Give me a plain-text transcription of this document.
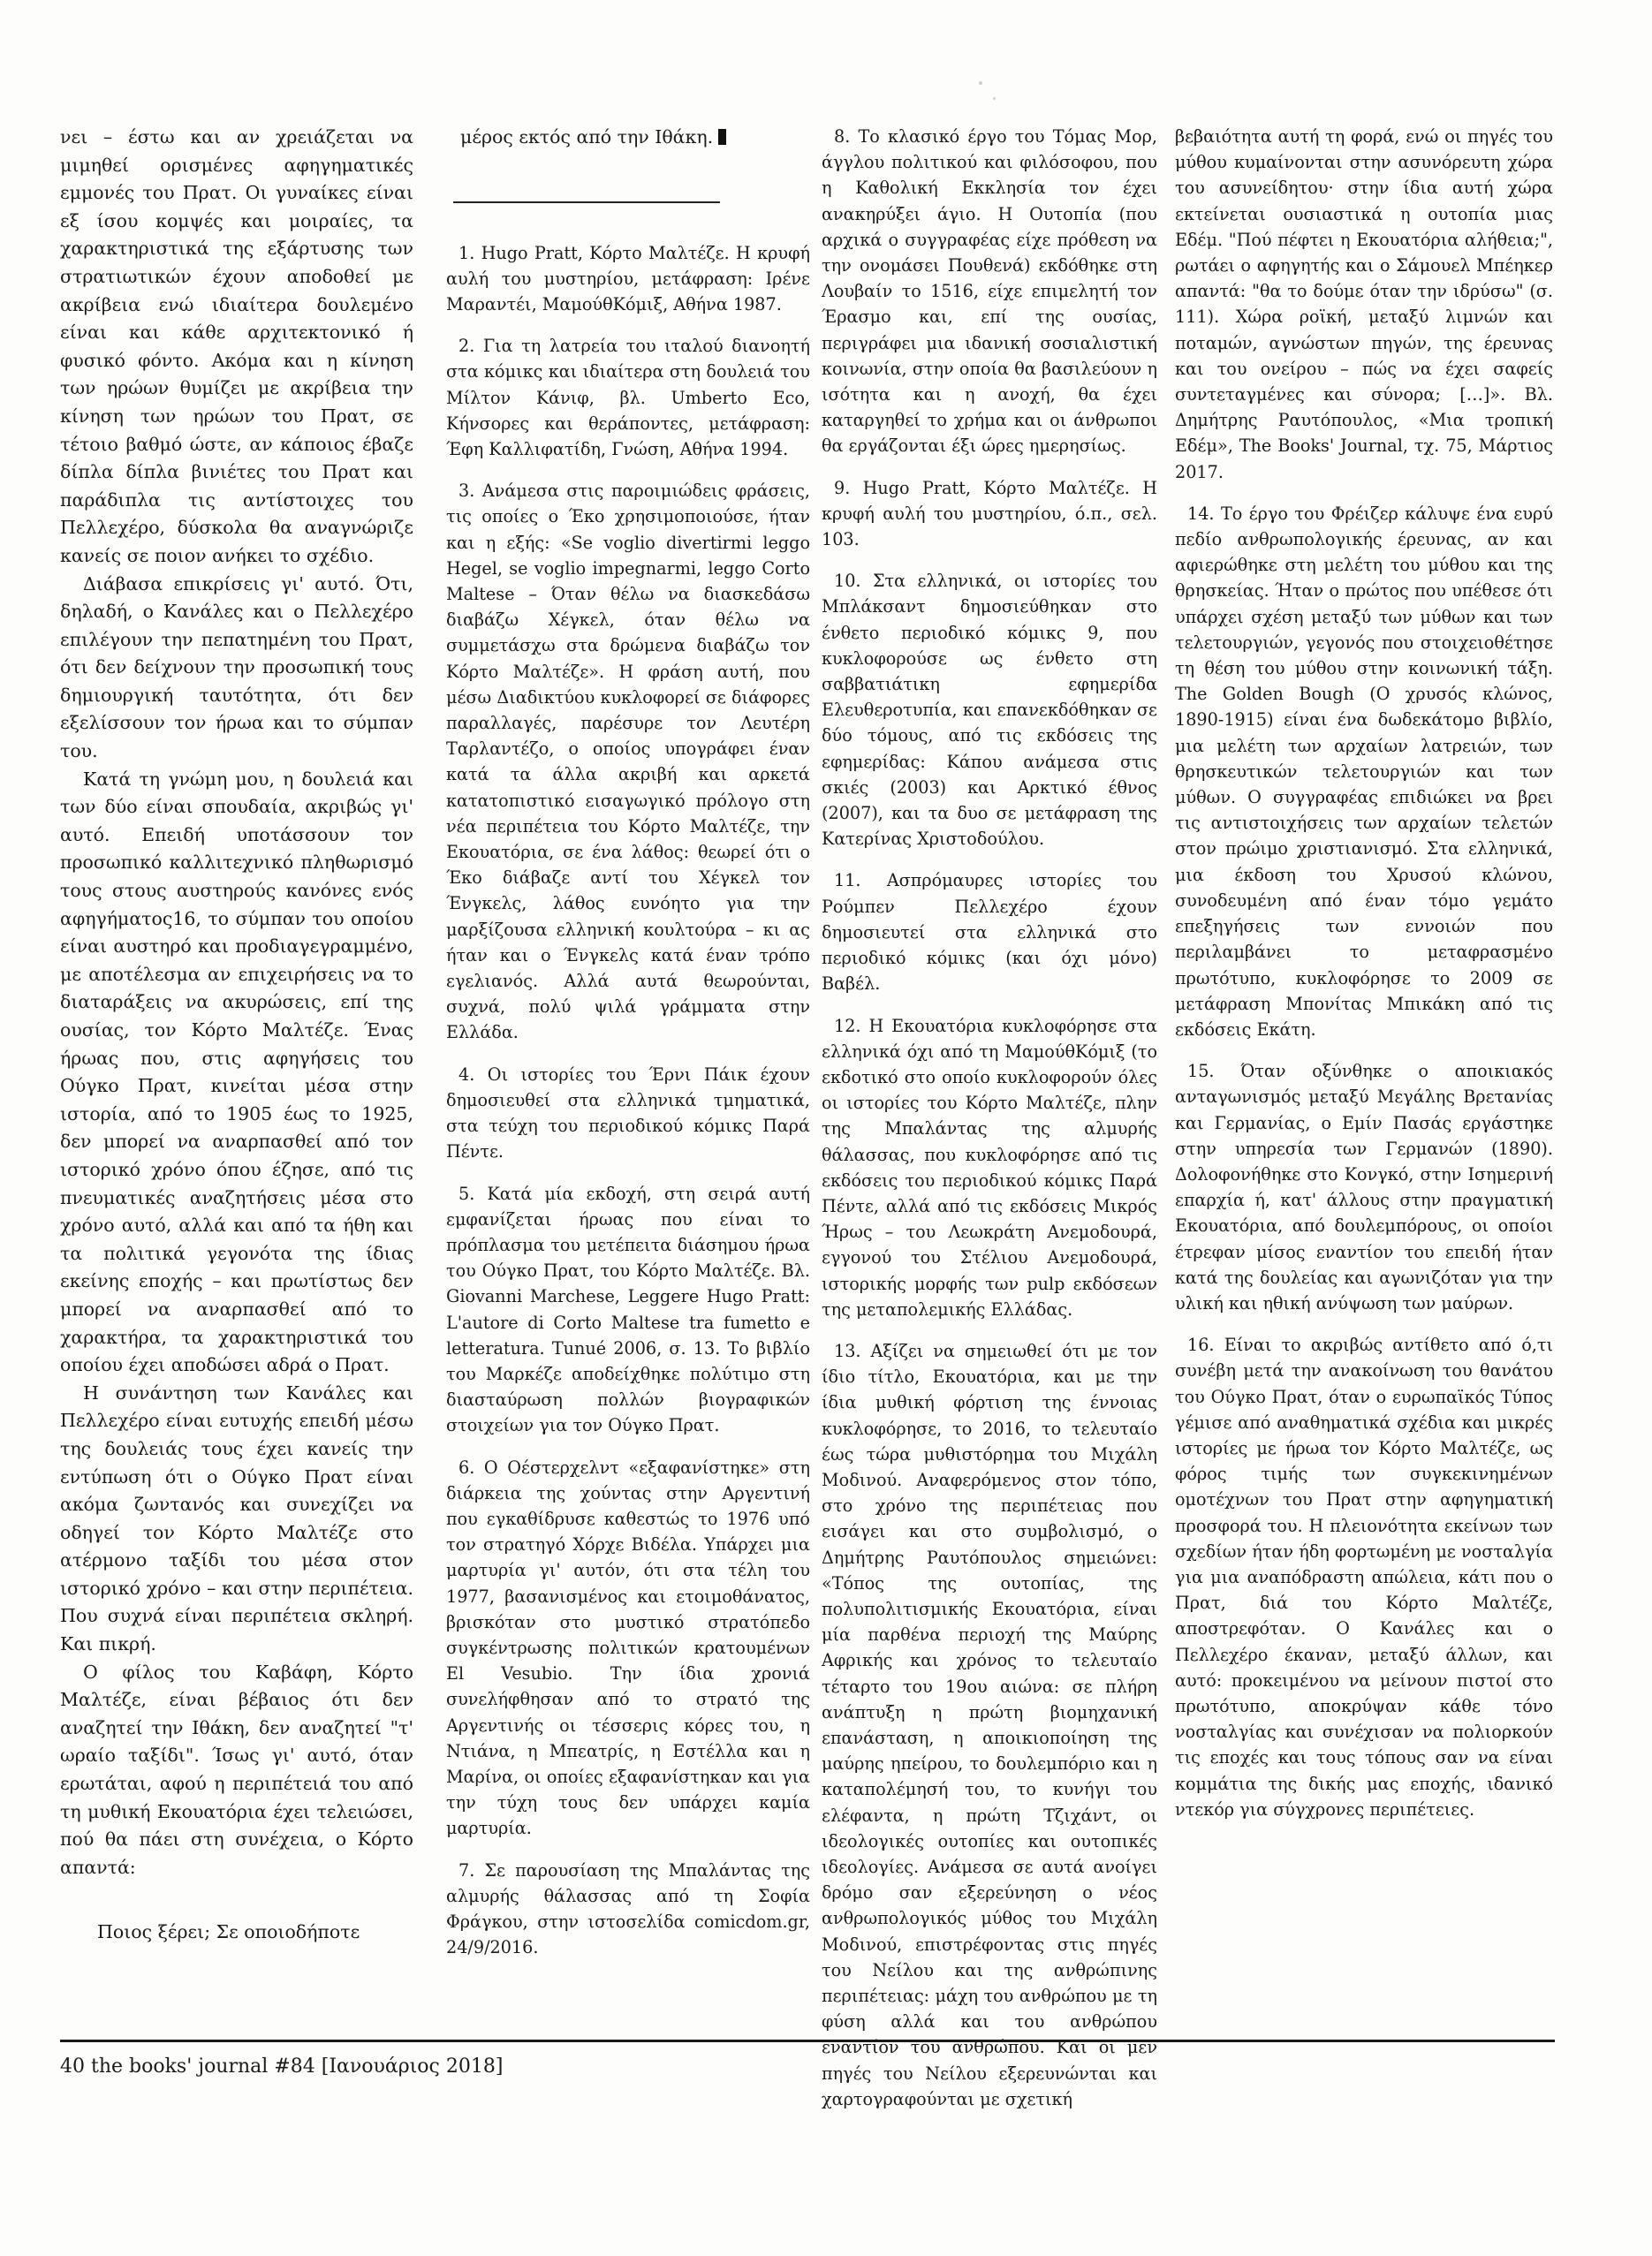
νει – έστω και αν χρειάζεται να μιμηθεί ορισμένες αφηγηματικές εμμονές του Πρατ. Οι γυναίκες είναι εξ ίσου κομψές και μοιραίες, τα χαρακτηριστικά της εξάρτυσης των στρατιωτικών έχουν αποδοθεί με ακρίβεια ενώ ιδιαίτερα δουλεμένο είναι και κάθε αρχιτεκτονικό ή φυσικό φόντο. Ακόμα και η κίνηση των ηρώων θυμίζει με ακρίβεια την κίνηση των ηρώων του Πρατ, σε τέτοιο βαθμό ώστε, αν κάποιος έβαζε δίπλα δίπλα βινιέτες του Πρατ και παράδιπλα τις αντίστοιχες του Πελλεχέρο, δύσκολα θα αναγνώριζε κανείς σε ποιον ανήκει το σχέδιο.

Διάβασα επικρίσεις γι' αυτό. Ότι, δηλαδή, ο Κανάλες και ο Πελλεχέρο επιλέγουν την πεπατημένη του Πρατ, ότι δεν δείχνουν την προσωπική τους δημιουργική ταυτότητα, ότι δεν εξελίσσουν τον ήρωα και το σύμπαν του.

Κατά τη γνώμη μου, η δουλειά και των δύο είναι σπουδαία, ακριβώς γι' αυτό. Επειδή υποτάσσουν τον προσωπικό καλλιτεχνικό πληθωρισμό τους στους αυστηρούς κανόνες ενός αφηγήματος16, το σύμπαν του οποίου είναι αυστηρό και προδιαγεγραμμένο, με αποτέλεσμα αν επιχειρήσεις να το διαταράξεις να ακυρώσεις, επί της ουσίας, τον Κόρτο Μαλτέζε. Ένας ήρωας που, στις αφηγήσεις του Ούγκο Πρατ, κινείται μέσα στην ιστορία, από το 1905 έως το 1925, δεν μπορεί να αναρπασθεί από τον ιστορικό χρόνο όπου έζησε, από τις πνευματικές αναζητήσεις μέσα στο χρόνο αυτό, αλλά και από τα ήθη και τα πολιτικά γεγονότα της ίδιας εκείνης εποχής – και πρωτίστως δεν μπορεί να αναρπασθεί από το χαρακτήρα, τα χαρακτηριστικά του οποίου έχει αποδώσει αδρά ο Πρατ.

Η συνάντηση των Κανάλες και Πελλεχέρο είναι ευτυχής επειδή μέσω της δουλειάς τους έχει κανείς την εντύπωση ότι ο Ούγκο Πρατ είναι ακόμα ζωντανός και συνεχίζει να οδηγεί τον Κόρτο Μαλτέζε στο ατέρμονο ταξίδι του μέσα στον ιστορικό χρόνο – και στην περιπέτεια. Που συχνά είναι περιπέτεια σκληρή. Και πικρή.

Ο φίλος του Καβάφη, Κόρτο Μαλτέζε, είναι βέβαιος ότι δεν αναζητεί την Ιθάκη, δεν αναζητεί "τ' ωραίο ταξίδι". Ίσως γι' αυτό, όταν ερωτάται, αφού η περιπέτειά του από τη μυθική Εκουατόρια έχει τελειώσει, πού θα πάει στη συνέχεια, ο Κόρτο απαντά:

Ποιος ξέρει; Σε οποιοδήποτε

μέρος εκτός από την Ιθάκη.

1. Hugo Pratt, Κόρτο Μαλτέζε. Η κρυφή αυλή του μυστηρίου, μετάφραση: Ιρένε Μαραντέι, ΜαμούθΚόμιξ, Αθήνα 1987.

2. Για τη λατρεία του ιταλού διανοητή στα κόμικς και ιδιαίτερα στη δουλειά του Μίλτον Κάνιφ, βλ. Umberto Eco, Κήνσορες και θεράποντες, μετάφραση: Έφη Καλλιφατίδη, Γνώση, Αθήνα 1994.

3. Ανάμεσα στις παροιμιώδεις φράσεις, τις οποίες ο Έκο χρησιμοποιούσε, ήταν και η εξής: «Se voglio divertirmi leggo Hegel, se voglio impegnarmi, leggo Corto Maltese – Όταν θέλω να διασκεδάσω διαβάζω Χέγκελ, όταν θέλω να συμμετάσχω στα δρώμενα διαβάζω τον Κόρτο Μαλτέζε». Η φράση αυτή, που μέσω Διαδικτύου κυκλοφορεί σε διάφορες παραλλαγές, παρέσυρε τον Λευτέρη Ταρλαντέζο, ο οποίος υπογράφει έναν κατά τα άλλα ακριβή και αρκετά κατατοπιστικό εισαγωγικό πρόλογο στη νέα περιπέτεια του Κόρτο Μαλτέζε, την Εκουατόρια, σε ένα λάθος: θεωρεί ότι ο Έκο διάβαζε αντί του Χέγκελ τον Ένγκελς, λάθος ευνόητο για την μαρξίζουσα ελληνική κουλτούρα – κι ας ήταν και ο Ένγκελς κατά έναν τρόπο εγελιανός. Αλλά αυτά θεωρούνται, συχνά, πολύ ψιλά γράμματα στην Ελλάδα.

4. Οι ιστορίες του Έρνι Πάικ έχουν δημοσιευθεί στα ελληνικά τμηματικά, στα τεύχη του περιοδικού κόμικς Παρά Πέντε.

5. Κατά μία εκδοχή, στη σειρά αυτή εμφανίζεται ήρωας που είναι το πρόπλασμα του μετέπειτα διάσημου ήρωα του Ούγκο Πρατ, του Κόρτο Μαλτέζε. Βλ. Giovanni Marchese, Leggere Hugo Pratt: L'autore di Corto Maltese tra fumetto e letteratura. Tunué 2006, σ. 13. Το βιβλίο του Μαρκέζε αποδείχθηκε πολύτιμο στη διασταύρωση πολλών βιογραφικών στοιχείων για τον Ούγκο Πρατ.

6. Ο Οέστερχελντ «εξαφανίστηκε» στη διάρκεια της χούντας στην Αργεντινή που εγκαθίδρυσε καθεστώς το 1976 υπό τον στρατηγό Χόρχε Βιδέλα. Υπάρχει μια μαρτυρία γι' αυτόν, ότι στα τέλη του 1977, βασανισμένος και ετοιμοθάνατος, βρισκόταν στο μυστικό στρατόπεδο συγκέντρωσης πολιτικών κρατουμένων El Vesubio. Την ίδια χρονιά συνελήφθησαν από το στρατό της Αργεντινής οι τέσσερις κόρες του, η Ντιάνα, η Μπεατρίς, η Εστέλλα και η Μαρίνα, οι οποίες εξαφανίστηκαν και για την τύχη τους δεν υπάρχει καμία μαρτυρία.

7. Σε παρουσίαση της Μπαλάντας της αλμυρής θάλασσας από τη Σοφία Φράγκου, στην ιστοσελίδα comicdom.gr, 24/9/2016.

8. Το κλασικό έργο του Τόμας Μορ, άγγλου πολιτικού και φιλόσοφου, που η Καθολική Εκκλησία τον έχει ανακηρύξει άγιο. Η Ουτοπία (που αρχικά ο συγγραφέας είχε πρόθεση να την ονομάσει Πουθενά) εκδόθηκε στη Λουβαίν το 1516, είχε επιμελητή τον Έρασμο και, επί της ουσίας, περιγράφει μια ιδανική σοσιαλιστική κοινωνία, στην οποία θα βασιλεύουν η ισότητα και η ανοχή, θα έχει καταργηθεί το χρήμα και οι άνθρωποι θα εργάζονται έξι ώρες ημερησίως.

9. Hugo Pratt, Κόρτο Μαλτέζε. Η κρυφή αυλή του μυστηρίου, ό.π., σελ. 103.

10. Στα ελληνικά, οι ιστορίες του Μπλάκσαντ δημοσιεύθηκαν στο ένθετο περιοδικό κόμικς 9, που κυκλοφορούσε ως ένθετο στη σαββατιάτικη εφημερίδα Ελευθεροτυπία, και επανεκδόθηκαν σε δύο τόμους, από τις εκδόσεις της εφημερίδας: Κάπου ανάμεσα στις σκιές (2003) και Αρκτικό έθνος (2007), και τα δυο σε μετάφραση της Κατερίνας Χριστοδούλου.

11. Ασπρόμαυρες ιστορίες του Ρούμπεν Πελλεχέρο έχουν δημοσιευτεί στα ελληνικά στο περιοδικό κόμικς (και όχι μόνο) Βαβέλ.

12. Η Εκουατόρια κυκλοφόρησε στα ελληνικά όχι από τη ΜαμούθΚόμιξ (το εκδοτικό στο οποίο κυκλοφορούν όλες οι ιστορίες του Κόρτο Μαλτέζε, πλην της Μπαλάντας της αλμυρής θάλασσας, που κυκλοφόρησε από τις εκδόσεις του περιοδικού κόμικς Παρά Πέντε, αλλά από τις εκδόσεις Μικρός Ήρως – του Λεωκράτη Ανεμοδουρά, εγγονού του Στέλιου Ανεμοδουρά, ιστορικής μορφής των pulp εκδόσεων της μεταπολεμικής Ελλάδας.

13. Αξίζει να σημειωθεί ότι με τον ίδιο τίτλο, Εκουατόρια, και με την ίδια μυθική φόρτιση της έννοιας κυκλοφόρησε, το 2016, το τελευταίο έως τώρα μυθιστόρημα του Μιχάλη Μοδινού. Αναφερόμενος στον τόπο, στο χρόνο της περιπέτειας που εισάγει και στο συμβολισμό, ο Δημήτρης Ραυτόπουλος σημειώνει: «Τόπος της ουτοπίας, της πολυπολιτισμικής Εκουατόρια, είναι μία παρθένα περιοχή της Μαύρης Αφρικής και χρόνος το τελευταίο τέταρτο του 19ου αιώνα: σε πλήρη ανάπτυξη η πρώτη βιομηχανική επανάσταση, η αποικιοποίηση της μαύρης ηπείρου, το δουλεμπόριο και η καταπολέμησή του, το κυνήγι του ελέφαντα, η πρώτη Τζιχάντ, οι ιδεολογικές ουτοπίες και ουτοπικές ιδεολογίες. Ανάμεσα σε αυτά ανοίγει δρόμο σαν εξερεύνηση ο νέος ανθρωπολογικός μύθος του Μιχάλη Μοδινού, επιστρέφοντας στις πηγές του Νείλου και της ανθρώπινης περιπέτειας: μάχη του ανθρώπου με τη φύση αλλά και του ανθρώπου εναντίον του ανθρώπου. Και οι μεν πηγές του Νείλου εξερευνώνται και χαρτογραφούνται με σχετική

βεβαιότητα αυτή τη φορά, ενώ οι πηγές του μύθου κυμαίνονται στην ασυνόρευτη χώρα του ασυνείδητου· στην ίδια αυτή χώρα εκτείνεται ουσιαστικά η ουτοπία μιας Εδέμ. "Πού πέφτει η Εκουατόρια αλήθεια;", ρωτάει ο αφηγητής και ο Σάμουελ Μπέηκερ απαντά: "θα το δούμε όταν την ιδρύσω" (σ. 111). Χώρα ροϊκή, μεταξύ λιμνών και ποταμών, αγνώστων πηγών, της έρευνας και του ονείρου – πώς να έχει σαφείς συντεταγμένες και σύνορα; […]». Βλ. Δημήτρης Ραυτόπουλος, «Μια τροπική Εδέμ», The Books' Journal, τχ. 75, Μάρτιος 2017.

14. Το έργο του Φρέιζερ κάλυψε ένα ευρύ πεδίο ανθρωπολογικής έρευνας, αν και αφιερώθηκε στη μελέτη του μύθου και της θρησκείας. Ήταν ο πρώτος που υπέθεσε ότι υπάρχει σχέση μεταξύ των μύθων και των τελετουργιών, γεγονός που στοιχειοθέτησε τη θέση του μύθου στην κοινωνική τάξη. The Golden Bough (Ο χρυσός κλώνος, 1890-1915) είναι ένα δωδεκάτομο βιβλίο, μια μελέτη των αρχαίων λατρειών, των θρησκευτικών τελετουργιών και των μύθων. Ο συγγραφέας επιδιώκει να βρει τις αντιστοιχήσεις των αρχαίων τελετών στον πρώιμο χριστιανισμό. Στα ελληνικά, μια έκδοση του Χρυσού κλώνου, συνοδευμένη από έναν τόμο γεμάτο επεξηγήσεις των εννοιών που περιλαμβάνει το μεταφρασμένο πρωτότυπο, κυκλοφόρησε το 2009 σε μετάφραση Μπονίτας Μπικάκη από τις εκδόσεις Εκάτη.

15. Όταν οξύνθηκε ο αποικιακός ανταγωνισμός μεταξύ Μεγάλης Βρετανίας και Γερμανίας, ο Εμίν Πασάς εργάστηκε στην υπηρεσία των Γερμανών (1890). Δολοφονήθηκε στο Κονγκό, στην Ισημερινή επαρχία ή, κατ' άλλους στην πραγματική Εκουατόρια, από δουλεμπόρους, οι οποίοι έτρεφαν μίσος εναντίον του επειδή ήταν κατά της δουλείας και αγωνιζόταν για την υλική και ηθική ανύψωση των μαύρων.

16. Είναι το ακριβώς αντίθετο από ό,τι συνέβη μετά την ανακοίνωση του θανάτου του Ούγκο Πρατ, όταν ο ευρωπαϊκός Τύπος γέμισε από αναθηματικά σχέδια και μικρές ιστορίες με ήρωα τον Κόρτο Μαλτέζε, ως φόρος τιμής των συγκεκινημένων ομοτέχνων του Πρατ στην αφηγηματική προσφορά του. Η πλειονότητα εκείνων των σχεδίων ήταν ήδη φορτωμένη με νοσταλγία για μια αναπόδραστη απώλεια, κάτι που ο Πρατ, διά του Κόρτο Μαλτέζε, αποστρεφόταν. Ο Κανάλες και ο Πελλεχέρο έκαναν, μεταξύ άλλων, και αυτό: προκειμένου να μείνουν πιστοί στο πρωτότυπο, αποκρύψαν κάθε τόνο νοσταλγίας και συνέχισαν να πολιορκούν τις εποχές και τους τόπους σαν να είναι κομμάτια της δικής μας εποχής, ιδανικό ντεκόρ για σύγχρονες περιπέτειες.

40 the books' journal #84 [Ιανουάριος 2018]
